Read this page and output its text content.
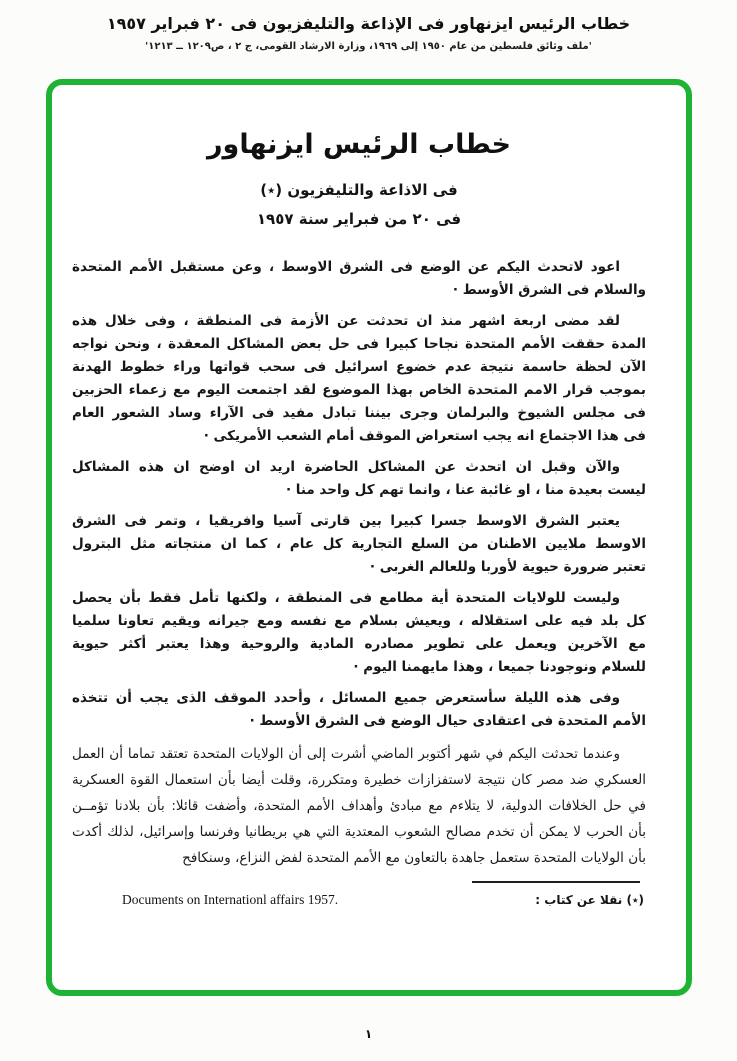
خطاب الرئيس ايزنهاور فى الإذاعة والتليفزيون فى ٢٠ فبراير ١٩٥٧
'ملف وثائق فلسطين من عام ١٩٥٠ إلى ١٩٦٩، وزارة الارشاد القومى، ج ٢ ، ص١٢٠٩ ــ ١٢١٣'
خطاب الرئيس ايزنهاور
فى الاذاعة والتليفزيون (٭)
فى ٢٠ من فبراير سنة ١٩٥٧
اعود لاتحدث اليكم عن الوضع فى الشرق الاوسط ، وعن مستقبل الأمم المتحدة
والسلام فى الشرق الأوسط ·
لقد مضى اربعة اشهر منذ ان تحدثت عن الأزمة فى المنطقة ، وفى خلال هذه
المدة حققت الأمم المتحدة نجاحا كبيرا فى حل بعض المشاكل المعقدة ، ونحن نواجه
الآن لحظة حاسمة نتيجة عدم خضوع اسرائيل فى سحب قواتها وراء خطوط الهدنة
بموجب قرار الامم المتحدة الخاص بهذا الموضوع لقد اجتمعت اليوم مع زعماء الحزبين
فى مجلس الشيوخ والبرلمان وجرى بيننا تبادل مفيد فى الآراء وساد الشعور العام
فى هذا الاجتماع انه يجب استعراض الموقف أمام الشعب الأمريكى ·
والآن وقبل ان اتحدث عن المشاكل الحاضرة اريد ان اوضح ان هذه المشاكل
ليست بعيدة منا ، او غائبة عنا ، وانما تهم كل واحد منا ·
يعتبر الشرق الاوسط جسرا كبيرا بين قارتى آسيا وافريقيا ، وتمر فى الشرق
الاوسط ملايين الاطنان من السلع التجارية كل عام ، كما ان منتجاته مثل البترول
تعتبر ضرورة حيوية لأوربا وللعالم الغربى ·
وليست للولايات المتحدة أية مطامع فى المنطقة ، ولكنها تأمل فقط بأن يحصل
كل بلد فيه على استقلاله ، ويعيش بسلام مع نفسه ومع جيرانه ويقيم تعاونا سلميا
مع الآخرين ويعمل على تطوير مصادره المادية والروحية وهذا يعتبر أكثر حيوية
للسلام ونوجودنا جميعا ، وهذا مايهمنا اليوم ·
وفى هذه الليلة سأستعرض جميع المسائل ، وأحدد الموقف الذى يجب أن تتخذه
الأمم المتحدة فى اعتقادى حيال الوضع فى الشرق الأوسط ·
وعندما تحدثت اليكم في شهر أكتوبر الماضي أشرت إلى أن الولايات المتحدة تعتقد تماما أن العمل
العسكري ضد مصر كان نتيجة لاستفزازات خطيرة ومتكررة، وقلت أيضا بأن استعمال القوة العسكرية
في حل الخلافات الدولية، لا يتلاءم مع مبادئ وأهداف الأمم المتحدة، وأضفت قائلا: بأن بلادنا تؤمــن
بأن الحرب لا يمكن أن تخدم مصالح الشعوب المعتدية التي هي بريطانيا وفرنسا وإسرائيل، لذلك أكدت
بأن الولايات المتحدة ستعمل جاهدة بالتعاون مع الأمم المتحدة لفض النزاع، وسنكافح
Documents on Internationl affairs 1957.	(٭) نقلا عن كتاب :
١
